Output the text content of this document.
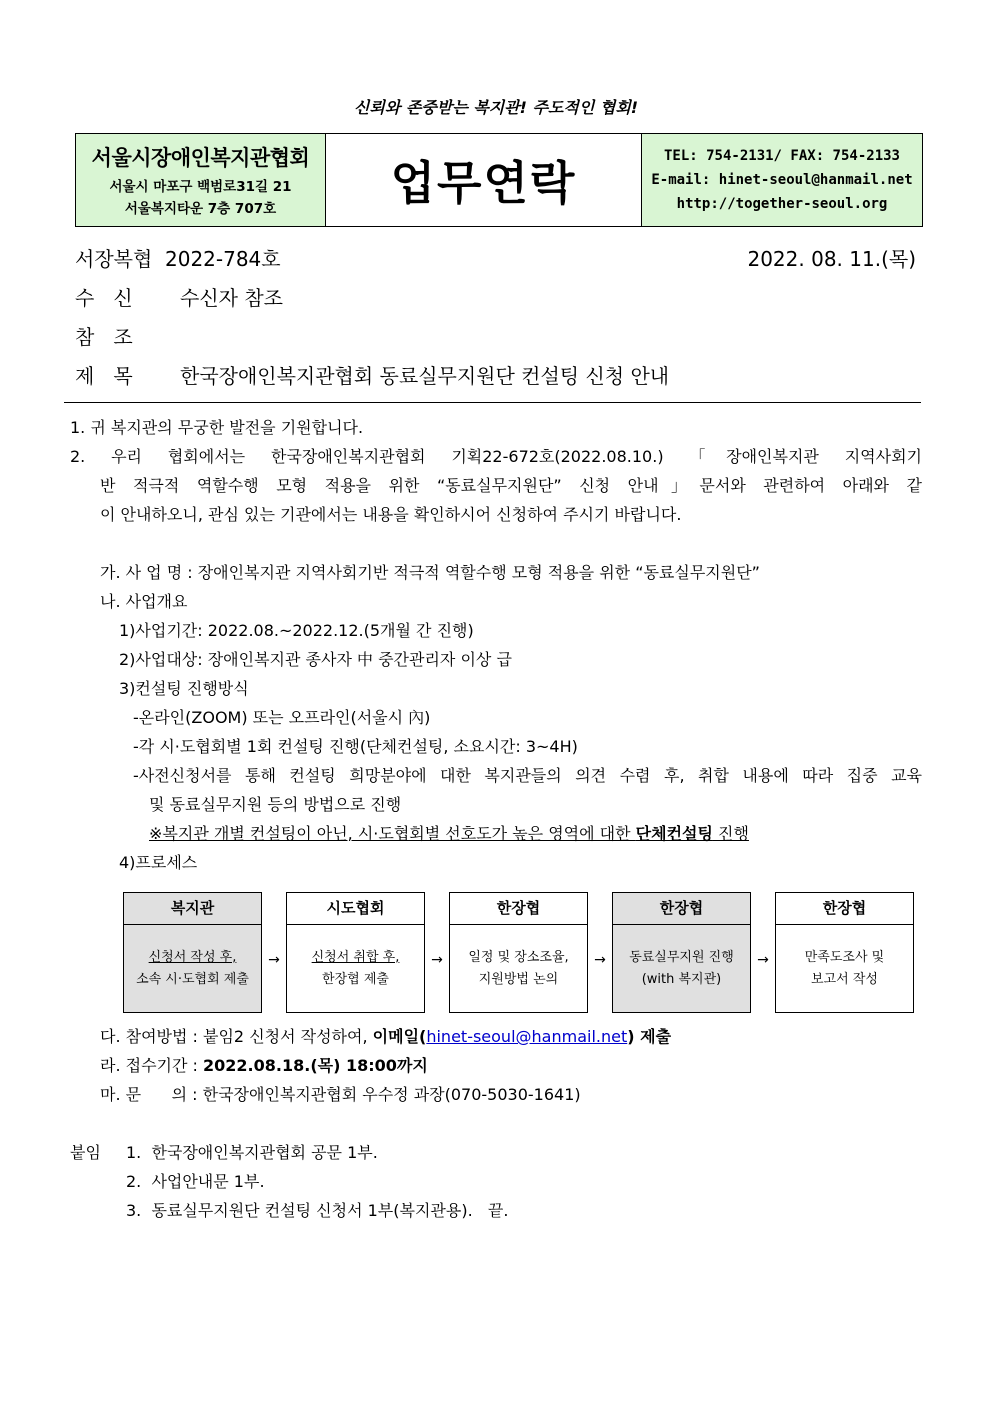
신뢰와 존중받는 복지관! 주도적인 협회!
서울시장애인복지관협회
서울시 마포구 백범로31길 21
서울복지타운 7층 707호	업무연락	TEL: 754-2131/ FAX: 754-2133
E-mail: hinet-seoul@hanmail.net
http://together-seoul.org
서장복협  2022-784호	2022. 08. 11.(목)
수   신 수신자 참조
참   조
제   목 한국장애인복지관협회 동료실무지원단 컨설팅 신청 안내
1. 귀 복지관의 무궁한 발전을 기원합니다.
2. 우리 협회에서는 한국장애인복지관협회 기획22-672호(2022.08.10.) 「장애인복지관 지역사회기
반 적극적 역할수행 모형 적용을 위한 “동료실무지원단” 신청 안내」문서와 관련하여 아래와 같
이 안내하오니, 관심 있는 기관에서는 내용을 확인하시어 신청하여 주시기 바랍니다.
가. 사 업 명 : 장애인복지관 지역사회기반 적극적 역할수행 모형 적용을 위한 “동료실무지원단”
나. 사업개요
1)사업기간: 2022.08.~2022.12.(5개월 간 진행)
2)사업대상: 장애인복지관 종사자 中 중간관리자 이상 급
3)컨설팅 진행방식
-온라인(ZOOM) 또는 오프라인(서울시 內)
-각 시·도협회별 1회 컨설팅 진행(단체컨설팅, 소요시간: 3~4H)
-사전신청서를 통해 컨설팅 희망분야에 대한 복지관들의 의견 수렴 후, 취합 내용에 따라 집중 교육
및 동료실무지원 등의 방법으로 진행
※복지관 개별 컨설팅이 아닌, 시·도협회별 선호도가 높은 영역에 대한 단체컨설팅 진행
4)프로세스
복지관
신청서 작성 후,
소속 시·도협회 제출
→
시도협회
신청서 취합 후,
한장협 제출
→
한장협
일정 및 장소조율,
지원방법 논의
→
한장협
동료실무지원 진행
(with 복지관)
→
한장협
만족도조사 및
보고서 작성
다. 참여방법 : 붙임2 신청서 작성하여, 이메일(hinet-seoul@hanmail.net) 제출
라. 접수기간 : 2022.08.18.(목) 18:00까지
마. 문      의 : 한국장애인복지관협회 우수정 과장(070-5030-1641)
붙임 1.  한국장애인복지관협회 공문 1부.
2.  사업안내문 1부.
3.  동료실무지원단 컨설팅 신청서 1부(복지관용).   끝.
